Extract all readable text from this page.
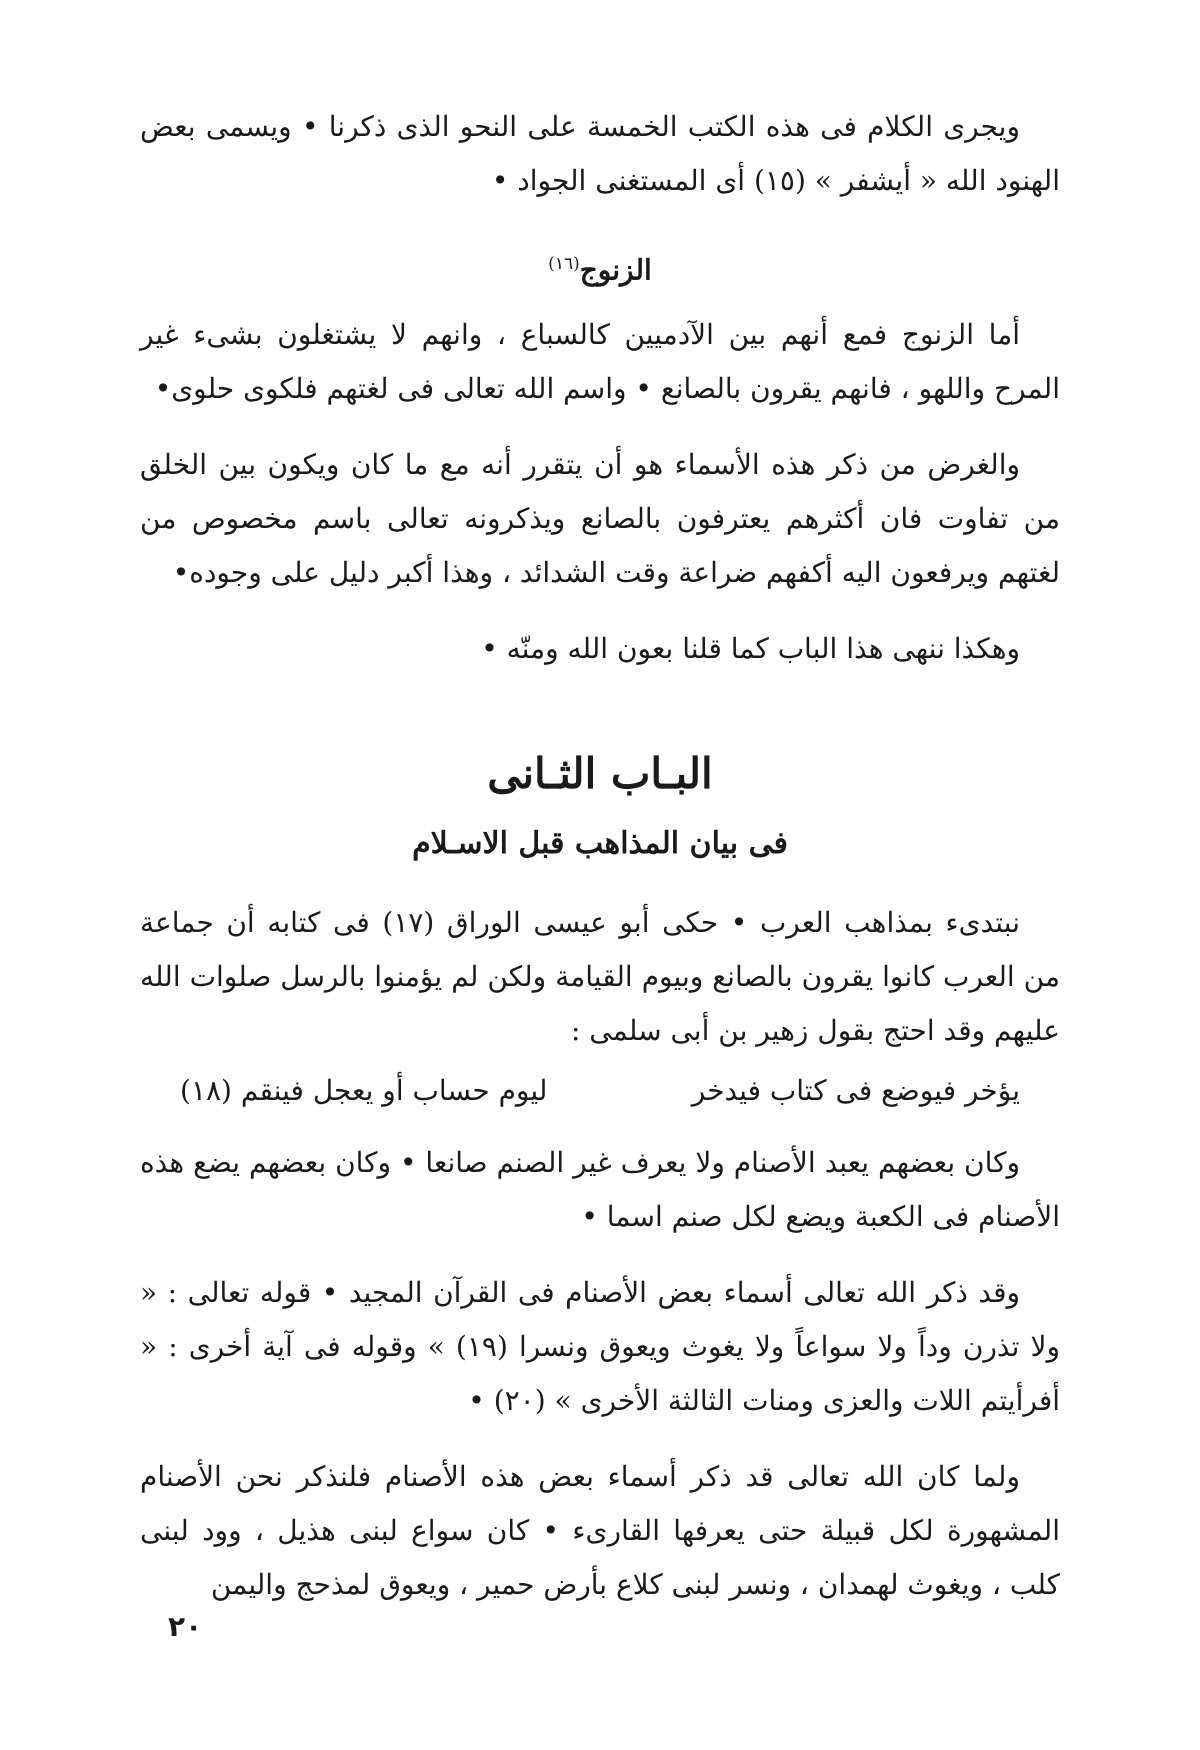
ويجرى الكلام فى هذه الكتب الخمسة على النحو الذى ذكرنا • ويسمى بعض الهنود الله « أيشفر » (١٥) أى المستغنى الجواد •

الزنوج$^{(١٦)}$

أما الزنوج فمع أنهم بين الآدميين كالسباع ، وانهم لا يشتغلون بشىء غير المرح واللهو ، فانهم يقرون بالصانع • واسم الله تعالى فى لغتهم فلكوى حلوى•

والغرض من ذكر هذه الأسماء هو أن يتقرر أنه مع ما كان ويكون بين الخلق من تفاوت فان أكثرهم يعترفون بالصانع ويذكرونه تعالى باسم مخصوص من لغتهم ويرفعون اليه أكفهم ضراعة وقت الشدائد ، وهذا أكبر دليل على وجوده•

وهكذا ننهى هذا الباب كما قلنا بعون الله ومنّه •

البـاب الثـانى
فى بيان المذاهب قبل الاسـلام

نبتدىء بمذاهب العرب • حكى أبو عيسى الوراق (١٧) فى كتابه أن جماعة من العرب كانوا يقرون بالصانع وبيوم القيامة ولكن لم يؤمنوا بالرسل صلوات الله عليهم وقد احتج بقول زهير بن أبى سلمى :

يؤخر فيوضع فى كتاب فيدخر
ليوم حساب أو يعجل فينقم (١٨)

وكان بعضهم يعبد الأصنام ولا يعرف غير الصنم صانعا • وكان بعضهم يضع هذه الأصنام فى الكعبة ويضع لكل صنم اسما •

وقد ذكر الله تعالى أسماء بعض الأصنام فى القرآن المجيد • قوله تعالى : « ولا تذرن وداً ولا سواعاً ولا يغوث ويعوق ونسرا (١٩) » وقوله فى آية أخرى : « أفرأيتم اللات والعزى ومنات الثالثة الأخرى » (٢٠) •

ولما كان الله تعالى قد ذكر أسماء بعض هذه الأصنام فلنذكر نحن الأصنام المشهورة لكل قبيلة حتى يعرفها القارىء • كان سواع لبنى هذيل ، وود لبنى كلب ، ويغوث لهمدان ، ونسر لبنى كلاع بأرض حمير ، ويعوق لمذحج واليمن

٢٠
